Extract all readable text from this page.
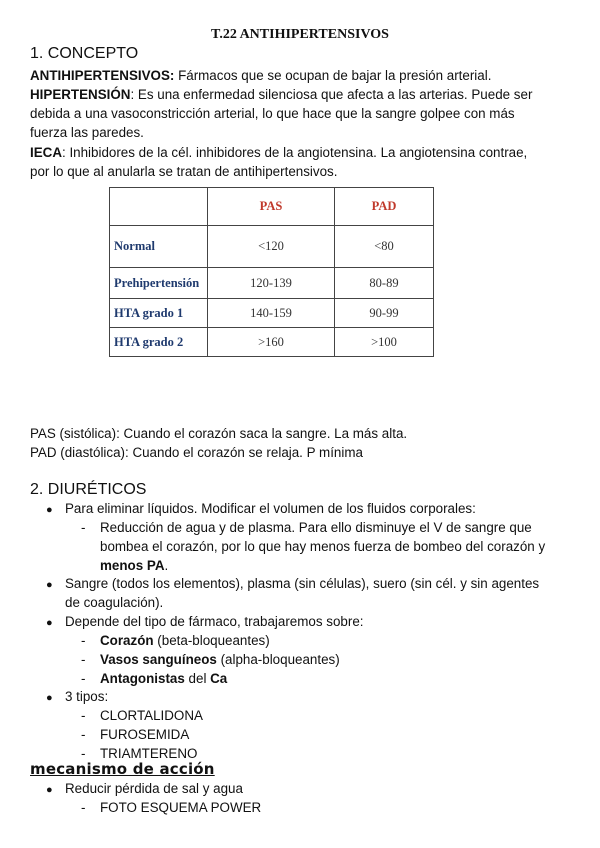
T.22 ANTIHIPERTENSIVOS
1. CONCEPTO
ANTIHIPERTENSIVOS: Fármacos que se ocupan de bajar la presión arterial.
HIPERTENSIÓN: Es una enfermedad silenciosa que afecta a las arterias. Puede ser
debida a una vasoconstricción arterial, lo que hace que la sangre golpee con más
fuerza las paredes.
IECA: Inhibidores de la cél. inhibidores de la angiotensina. La angiotensina contrae,
por lo que al anularla se tratan de antihipertensivos.
	PAS	PAD
Normal	<120	<80
Prehipertensión	120-139	80-89
HTA grado 1	140-159	90-99
HTA grado 2	>160	>100
PAS (sistólica): Cuando el corazón saca la sangre. La más alta.
PAD (diastólica): Cuando el corazón se relaja. P mínima
2. DIURÉTICOS
● Para eliminar líquidos. Modificar el volumen de los fluidos corporales:
- Reducción de agua y de plasma. Para ello disminuye el V de sangre que
bombea el corazón, por lo que hay menos fuerza de bombeo del corazón y
menos PA.
● Sangre (todos los elementos), plasma (sin células), suero (sin cél. y sin agentes
de coagulación).
● Depende del tipo de fármaco, trabajaremos sobre:
- Corazón (beta-bloqueantes)
- Vasos sanguíneos (alpha-bloqueantes)
- Antagonistas del Ca
● 3 tipos:
- CLORTALIDONA
- FUROSEMIDA
- TRIAMTERENO
mecanismo de acción
● Reducir pérdida de sal y agua
- FOTO ESQUEMA POWER
